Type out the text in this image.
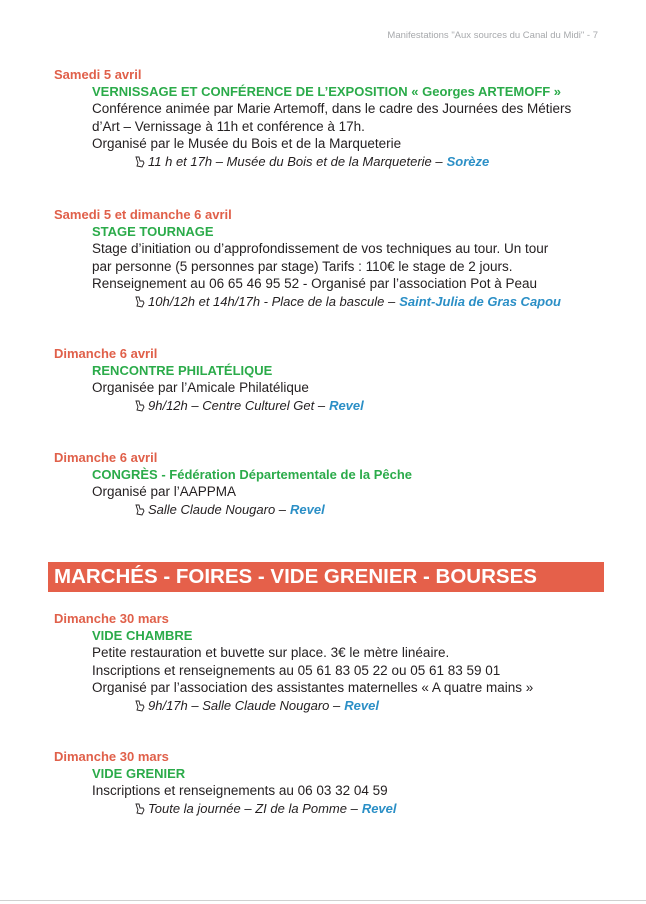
Manifestations "Aux sources du Canal du Midi" - 7
Samedi 5 avril
VERNISSAGE ET CONFÉRENCE DE L’EXPOSITION « Georges ARTEMOFF »
Conférence animée par Marie Artemoff, dans le cadre des Journées des Métiers
d’Art – Vernissage à 11h et conférence à 17h.
Organisé par le Musée du Bois et de la Marqueterie
11 h et 17h – Musée du Bois et de la Marqueterie – Sorèze
Samedi 5 et dimanche 6 avril
STAGE TOURNAGE
Stage d’initiation ou d’approfondissement de vos techniques au tour. Un tour
par personne (5 personnes par stage) Tarifs : 110€ le stage de 2 jours.
Renseignement au 06 65 46 95 52 - Organisé par l’association Pot à Peau
10h/12h et 14h/17h - Place de la bascule – Saint-Julia de Gras Capou
Dimanche 6 avril
RENCONTRE PHILATÉLIQUE
Organisée par l’Amicale Philatélique
9h/12h – Centre Culturel Get – Revel
Dimanche 6 avril
CONGRÈS - Fédération Départementale de la Pêche
Organisé par l’AAPPMA
Salle Claude Nougaro – Revel
MARCHÉS - FOIRES - VIDE GRENIER - BOURSES
Dimanche 30 mars
VIDE CHAMBRE
Petite restauration et buvette sur place. 3€ le mètre linéaire.
Inscriptions et renseignements au 05 61 83 05 22 ou 05 61 83 59 01
Organisé par l’association des assistantes maternelles « A quatre mains »
9h/17h – Salle Claude Nougaro – Revel
Dimanche 30 mars
VIDE GRENIER
Inscriptions et renseignements au 06 03 32 04 59
Toute la journée – ZI de la Pomme – Revel
